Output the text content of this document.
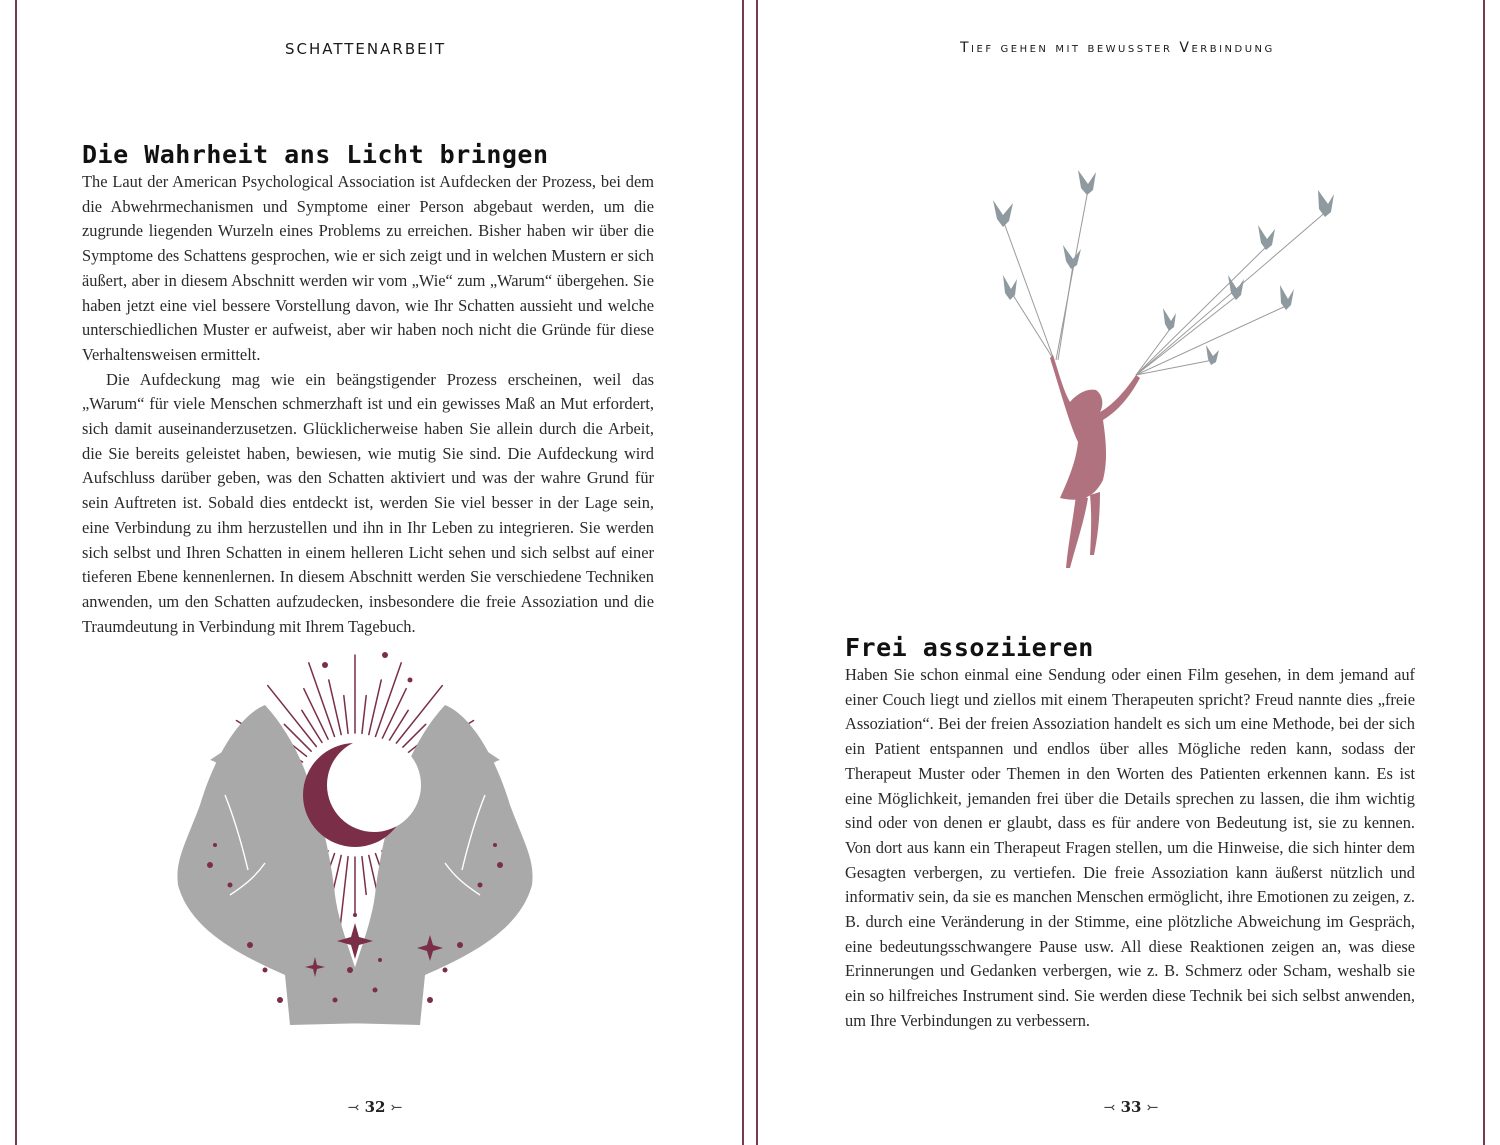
SCHATTENARBEIT
Die Wahrheit ans Licht bringen

The Laut der American Psychological Association ist Aufdecken der Prozess, bei dem die Abwehrmechanismen und Symptome einer Person abgebaut werden, um die zugrunde liegenden Wurzeln eines Problems zu erreichen. Bisher haben wir über die Symptome des Schattens gesprochen, wie er sich zeigt und in welchen Mustern er sich äußert, aber in diesem Abschnitt werden wir vom „Wie“ zum „Warum“ übergehen. Sie haben jetzt eine viel bessere Vorstellung davon, wie Ihr Schatten aussieht und welche unterschiedlichen Muster er aufweist, aber wir haben noch nicht die Gründe für diese Verhaltensweisen ermittelt.

Die Aufdeckung mag wie ein beängstigender Prozess erscheinen, weil das „Warum“ für viele Menschen schmerzhaft ist und ein gewisses Maß an Mut erfordert, sich damit auseinanderzusetzen. Glücklicherweise haben Sie allein durch die Arbeit, die Sie bereits geleistet haben, bewiesen, wie mutig Sie sind. Die Aufdeckung wird Aufschluss darüber geben, was den Schatten aktiviert und was der wahre Grund für sein Auftreten ist. Sobald dies entdeckt ist, werden Sie viel besser in der Lage sein, eine Verbindung zu ihm herzustellen und ihn in Ihr Leben zu integrieren. Sie werden sich selbst und Ihren Schatten in einem helleren Licht sehen und sich selbst auf einer tieferen Ebene kennenlernen. In diesem Abschnitt werden Sie verschiedene Techniken anwenden, um den Schatten aufzudecken, insbesondere die freie Assoziation und die Traumdeutung in Verbindung mit Ihrem Tagebuch.

⤙ 32 ⤚
Tief gehen mit bewusster Verbindung
Frei assoziieren

Haben Sie schon einmal eine Sendung oder einen Film gesehen, in dem jemand auf einer Couch liegt und ziellos mit einem Therapeuten spricht? Freud nannte dies „freie Assoziation“. Bei der freien Assoziation handelt es sich um eine Methode, bei der sich ein Patient entspannen und endlos über alles Mögliche reden kann, sodass der Therapeut Muster oder Themen in den Worten des Patienten erkennen kann. Es ist eine Möglichkeit, jemanden frei über die Details sprechen zu lassen, die ihm wichtig sind oder von denen er glaubt, dass es für andere von Bedeutung ist, sie zu kennen. Von dort aus kann ein Therapeut Fragen stellen, um die Hinweise, die sich hinter dem Gesagten verbergen, zu vertiefen. Die freie Assoziation kann äußerst nützlich und informativ sein, da sie es manchen Menschen ermöglicht, ihre Emotionen zu zeigen, z. B. durch eine Veränderung in der Stimme, eine plötzliche Abweichung im Gespräch, eine bedeutungsschwangere Pause usw. All diese Reaktionen zeigen an, was diese Erinnerungen und Gedanken verbergen, wie z. B. Schmerz oder Scham, weshalb sie ein so hilfreiches Instrument sind. Sie werden diese Technik bei sich selbst anwenden, um Ihre Verbindungen zu verbessern.

⤙ 33 ⤚
